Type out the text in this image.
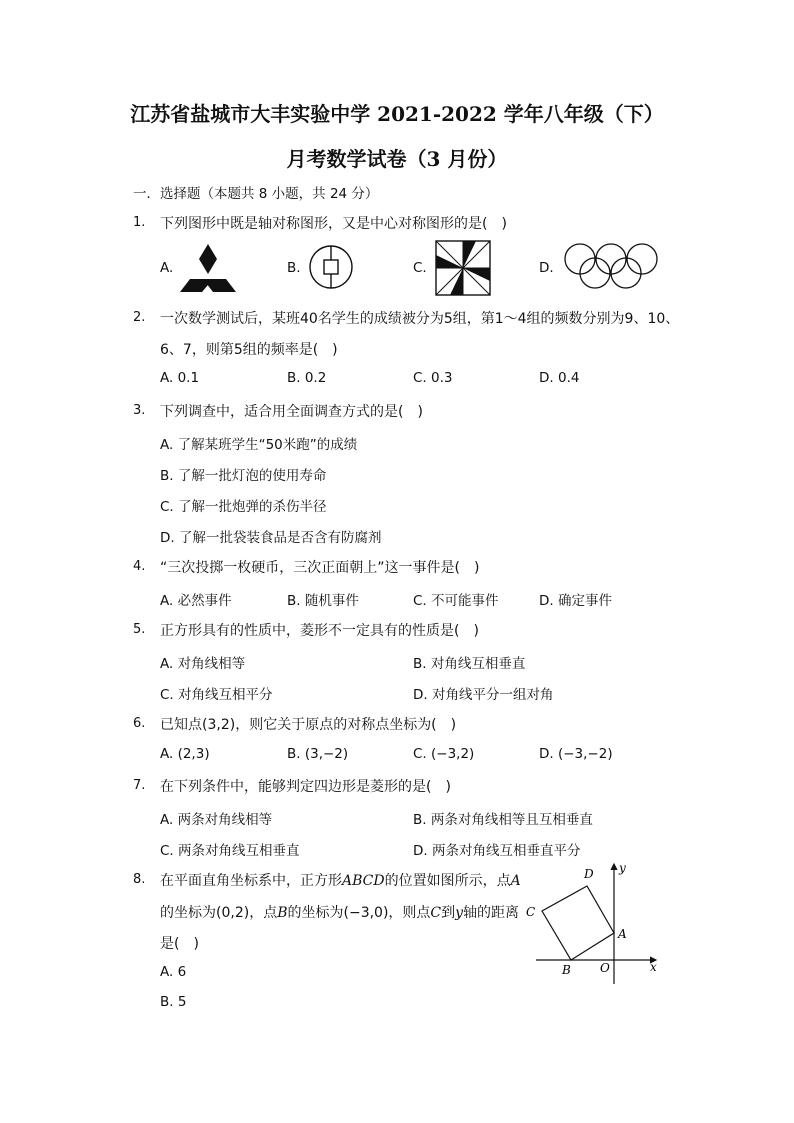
江苏省盐城市大丰实验中学 2021-2022 学年八年级（下）
月考数学试卷（3 月份）
一．选择题（本题共 8 小题，共 24 分）
1. 下列图形中既是轴对称图形，又是中心对称图形的是(　)
A.	B.	C.	D.
2. 一次数学测试后，某班40名学生的成绩被分为5组，第1～4组的频数分别为9、10、
6、7，则第5组的频率是(　)
A. 0.1	B. 0.2	C. 0.3	D. 0.4
3. 下列调查中，适合用全面调查方式的是(　)
A. 了解某班学生“50米跑”的成绩
B. 了解一批灯泡的使用寿命
C. 了解一批炮弹的杀伤半径
D. 了解一批袋装食品是否含有防腐剂
4. “三次投掷一枚硬币，三次正面朝上”这一事件是(　)
A. 必然事件	B. 随机事件	C. 不可能事件	D. 确定事件
5. 正方形具有的性质中，菱形不一定具有的性质是(　)
A. 对角线相等	B. 对角线互相垂直
C. 对角线互相平分	D. 对角线平分一组对角
6. 已知点(3,2)，则它关于原点的对称点坐标为(　)
A. (2,3)	B. (3,−2)	C. (−3,2)	D. (−3,−2)
7. 在下列条件中，能够判定四边形是菱形的是(　)
A. 两条对角线相等	B. 两条对角线相等且互相垂直
C. 两条对角线互相垂直	D. 两条对角线互相垂直平分
8. 在平面直角坐标系中，正方形ABCD的位置如图所示，点A
的坐标为(0,2)，点B的坐标为(−3,0)，则点C到y轴的距离
是(　)
A. 6
B. 5
D
C
A
B O	x
y
